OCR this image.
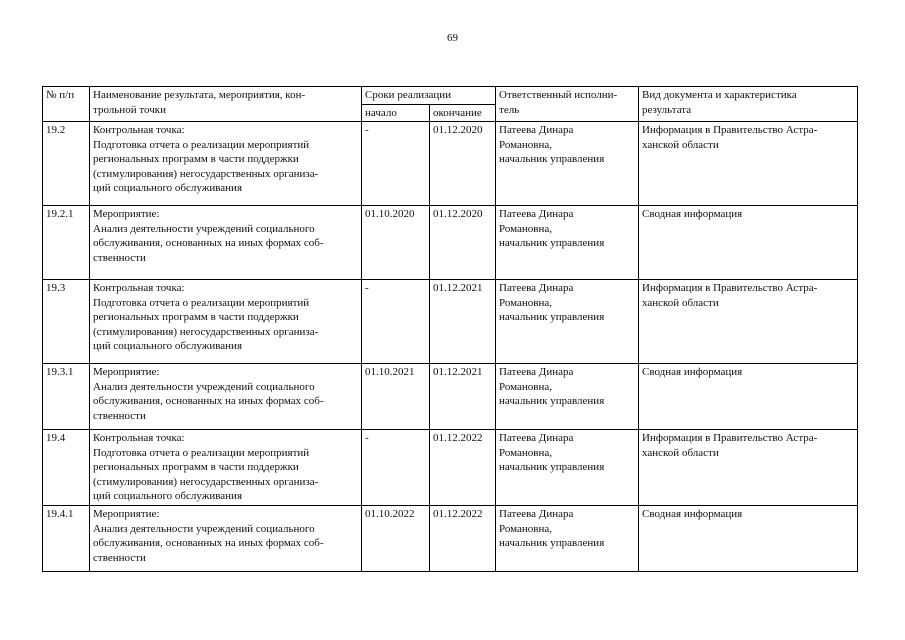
69
№ п/п	Наименование результата, мероприятия, кон-
трольной точки	Сроки реализации		Ответственный исполни-
тель	Вид документа и характеристика
результата
		начало	окончание		
19.2	Контрольная точка:
Подготовка отчета о реализации мероприятий
региональных программ в части поддержки
(стимулирования) негосударственных организа-
ций социального обслуживания	-	01.12.2020	Патеева Динара
Романовна,
начальник управления	Информация в Правительство Астра-
ханской области
19.2.1	Мероприятие:
Анализ деятельности учреждений социального
обслуживания, основанных на иных формах соб-
ственности	01.10.2020	01.12.2020	Патеева Динара
Романовна,
начальник управления	Сводная информация
19.3	Контрольная точка:
Подготовка отчета о реализации мероприятий
региональных программ в части поддержки
(стимулирования) негосударственных организа-
ций социального обслуживания	-	01.12.2021	Патеева Динара
Романовна,
начальник управления	Информация в Правительство Астра-
ханской области
19.3.1	Мероприятие:
Анализ деятельности учреждений социального
обслуживания, основанных на иных формах соб-
ственности	01.10.2021	01.12.2021	Патеева Динара
Романовна,
начальник управления	Сводная информация
19.4	Контрольная точка:
Подготовка отчета о реализации мероприятий
региональных программ в части поддержки
(стимулирования) негосударственных организа-
ций социального обслуживания	-	01.12.2022	Патеева Динара
Романовна,
начальник управления	Информация в Правительство Астра-
ханской области
19.4.1	Мероприятие:
Анализ деятельности учреждений социального
обслуживания, основанных на иных формах соб-
ственности	01.10.2022	01.12.2022	Патеева Динара
Романовна,
начальник управления	Сводная информация
